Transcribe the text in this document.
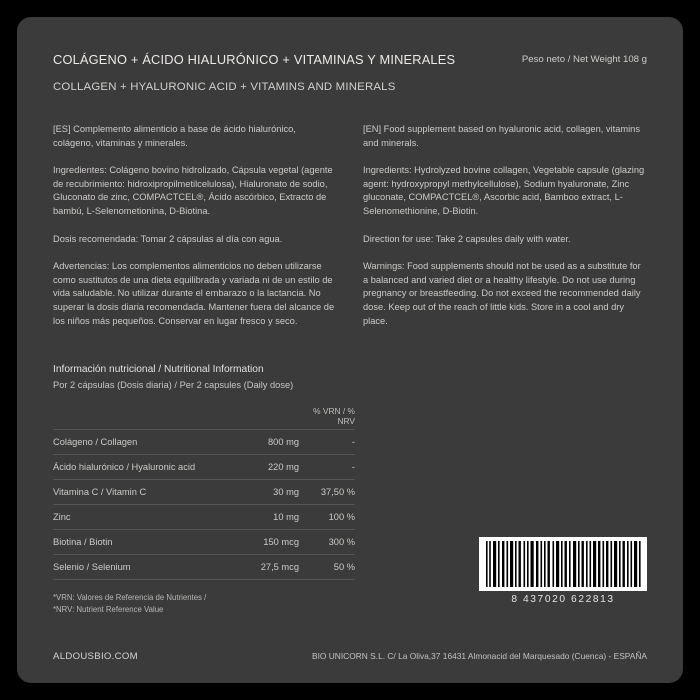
COLÁGENO + ÁCIDO HIALURÓNICO + VITAMINAS Y MINERALES
COLLAGEN + HYALURONIC ACID + VITAMINS AND MINERALS
Peso neto / Net Weight 108 g
[ES] Complemento alimenticio a base de ácido hialurónico, colágeno, vitaminas y minerales.
Ingredientes: Colágeno bovino hidrolizado, Cápsula vegetal (agente de recubrimiento: hidroxipropilmetilcelulosa), Hialuronato de sodio, Gluconato de zinc, COMPACTCEL®, Ácido ascórbico, Extracto de bambú, L-Selenometionina, D-Biotina.
Dosis recomendada: Tomar 2 cápsulas al día con agua.
Advertencias: Los complementos alimenticios no deben utilizarse como sustitutos de una dieta equilibrada y variada ni de un estilo de vida saludable. No utilizar durante el embarazo o la lactancia. No superar la dosis diaria recomendada. Mantener fuera del alcance de los niños más pequeños. Conservar en lugar fresco y seco.
[EN] Food supplement based on hyaluronic acid, collagen, vitamins and minerals.
Ingredients: Hydrolyzed bovine collagen, Vegetable capsule (glazing agent: hydroxypropyl methylcellulose), Sodium hyaluronate, Zinc gluconate, COMPACTCEL®, Ascorbic acid, Bamboo extract, L-Selenomethionine, D-Biotin.
Direction for use: Take 2 capsules daily with water.
Warnings: Food supplements should not be used as a substitute for a balanced and varied diet or a healthy lifestyle. Do not use during pregnancy or breastfeeding. Do not exceed the recommended daily dose. Keep out of the reach of little kids. Store in a cool and dry place.
Información nutricional / Nutritional Information
Por 2 cápsulas (Dosis diaria) / Per 2 capsules (Daily dose)
		% VRN / % NRV
Colágeno / Collagen	800 mg	-
Ácido hialurónico / Hyaluronic acid	220 mg	-
Vitamina C / Vitamin C	30 mg	37,50 %
Zinc	10 mg	100 %
Biotina / Biotin	150 mcg	300 %
Selenio / Selenium	27,5 mcg	50 %
*VRN: Valores de Referencia de Nutrientes /
*NRV: Nutrient Reference Value
8 437020 622813
ALDOUSBIO.COM	BIO UNICORN S.L. C/ La Oliva,37 16431 Almonacid del Marquesado (Cuenca) - ESPAÑA
